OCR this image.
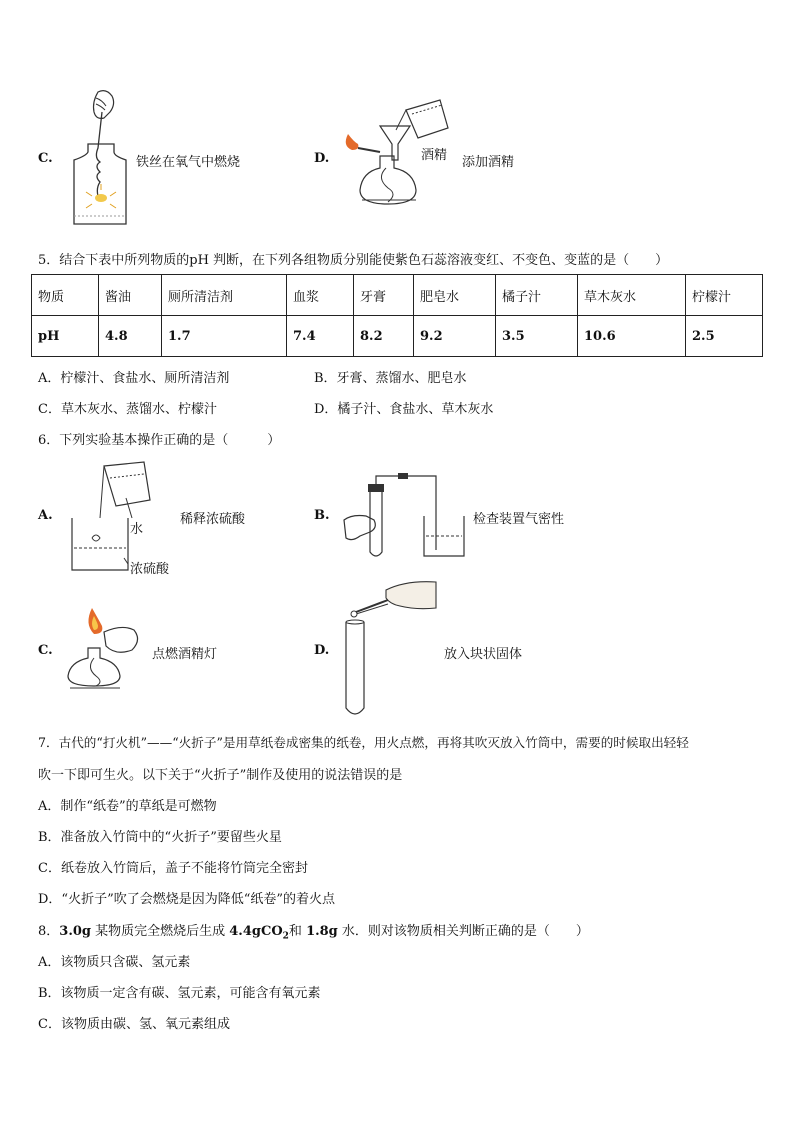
C.	铁丝在氧气中燃烧	D.	酒精 添加酒精
5．结合下表中所列物质的pH 判断，在下列各组物质分别能使紫色石蕊溶液变红、不变色、变蓝的是（　　）
物质	酱油	厕所清洁剂	血浆	牙膏	肥皂水	橘子汁	草木灰水	柠檬汁
pH	4.8	1.7	7.4	8.2	9.2	3.5	10.6	2.5
A．柠檬汁、食盐水、厕所清洁剂	B．牙膏、蒸馏水、肥皂水
C．草木灰水、蒸馏水、柠檬汁	D．橘子汁、食盐水、草木灰水
6．下列实验基本操作正确的是（　　　）
A.
水
浓硫酸
稀释浓硫酸	B.	检查装置气密性
C.	点燃酒精灯	D.	放入块状固体
7．古代的“打火机”——“火折子”是用草纸卷成密集的纸卷，用火点燃，再将其吹灭放入竹筒中，需要的时候取出轻轻
吹一下即可生火。以下关于“火折子”制作及使用的说法错误的是
A．制作“纸卷”的草纸是可燃物
B．准备放入竹筒中的“火折子”要留些火星
C．纸卷放入竹筒后，盖子不能将竹筒完全密封
D．“火折子”吹了会燃烧是因为降低“纸卷”的着火点
8．3.0g 某物质完全燃烧后生成 4.4gCO$_2$和 1.8g 水．则对该物质相关判断正确的是（　　）
A．该物质只含碳、氢元素
B．该物质一定含有碳、氢元素，可能含有氧元素
C．该物质由碳、氢、氧元素组成
